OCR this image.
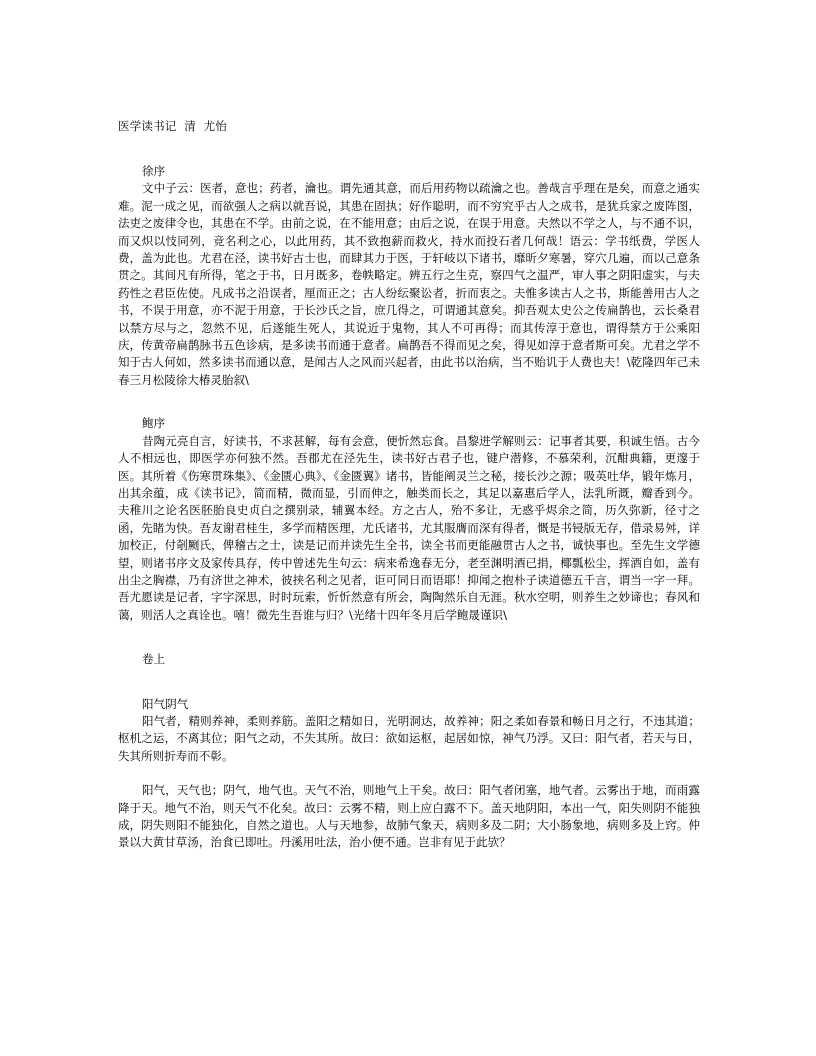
医学读书记  清  尤怡
徐序

文中子云：医者，意也；药者，瀹也。谓先通其意，而后用药物以疏瀹之也。善哉言乎理在是矣，而意之通实难。泥一成之见，而欲强人之病以就吾说，其患在固执；好作聪明，而不穷究乎古人之成书，是犹兵家之废阵图，法吏之废律令也，其患在不学。由前之说，在不能用意；由后之说，在误于用意。夫然以不学之人，与不通不识，而又炽以忮同列，竞名利之心，以此用药，其不致抱薪而救火，持水而投石者几何哉！语云：学书纸费，学医人费，盖为此也。尤君在泾，读书好古士也，而肆其力于医，于轩岐以下诸书，靡昕夕寒暑，穿穴几遍，而以己意条贯之。其间凡有所得，笔之于书，日月既多，卷帙略定。辨五行之生克，察四气之温严，审人事之阴阳虚实，与夫药性之君臣佐使。凡成书之沿误者，厘而正之；古人纷纭聚讼者，折而衷之。夫惟多读古人之书，斯能善用古人之书，不误于用意，亦不泥于用意，于长沙氏之旨，庶几得之，可谓通其意矣。抑吾观太史公之传扁鹊也，云长桑君以禁方尽与之，忽然不见，后遂能生死人，其说近于鬼物，其人不可再得；而其传淳于意也，谓得禁方于公乘阳庆，传黄帝扁鹊脉书五色诊病，是多读书而通于意者。扁鹊吾不得而见之矣，得见如淳于意者斯可矣。尤君之学不知于古人何如，然多读书而通以意，是闻古人之风而兴起者，由此书以治病，当不贻讥于人费也夫！\乾隆四年己未春三月松陵徐大椿灵胎叙\

鲍序

昔陶元亮自言，好读书，不求甚解，每有会意，便忻然忘食。昌黎进学解则云：记事者其要，积诚生悟。古今人不相远也，即医学亦何独不然。吾郡尤在泾先生，读书好古君子也，键户潜修，不慕荣利，沉酣典籍，更邃于医。其所着《伤寒贯珠集》、《金匮心典》、《金匮翼》诸书，皆能阐灵兰之秘，接长沙之源；吸英吐华，锻年炼月，出其余蕴，成《读书记》，简而精，微而显，引而伸之，触类而长之，其足以嘉惠后学人，法乳所溉，瓣香到今。夫稚川之论名医胚胎良史贞白之撰别录，辅翼本经。方之古人，殆不多让，无惑乎烬余之简，历久弥新，径寸之函，先睹为快。吾友谢君桂生，多学而精医理，尤氏诸书，尤其服膺而深有得者，慨是书锓版无存，借录易舛，详加校正，付剞劂氏，俾稽古之士，读是记而并读先生全书，读全书而更能融贯古人之书，诚快事也。至先生文学德望，则诸书序文及家传具存，传中曾述先生句云：病来希逸春无分，老至渊明酒已捐，椰瓢松尘，挥酒自如，盖有出尘之胸襟，乃有济世之神术，彼挟名利之见者，讵可同日而语耶！抑闻之抱朴子读道德五千言，谓当一字一拜。吾尤愿读是记者，字字深思，时时玩索，忻忻然意有所会，陶陶然乐自无涯。秋水空明，则养生之妙谛也；春风和蔼，则活人之真诠也。嘻！微先生吾谁与归？\光绪十四年冬月后学鲍晟谨识\

卷上
阳气阴气

阳气者，精则养神，柔则养筋。盖阳之精如日，光明洞达，故养神；阳之柔如春景和畅日月之行，不违其道；枢机之运，不离其位；阳气之动，不失其所。故曰：欲如运枢，起居如惊，神气乃浮。又曰：阳气者，若天与日，失其所则折寿而不彰。

阳气，天气也；阴气，地气也。天气不治，则地气上干矣。故曰：阳气者闭塞，地气者。云雾出于地，而雨露降于天。地气不治，则天气不化矣。故曰：云雾不精，则上应白露不下。盖天地阴阳，本出一气，阳失则阴不能独成，阴失则阳不能独化，自然之道也。人与天地参，故肺气象天，病则多及二阴；大小肠象地，病则多及上窍。仲景以大黄甘草汤，治食已即吐。丹溪用吐法，治小便不通。岂非有见于此欤？
